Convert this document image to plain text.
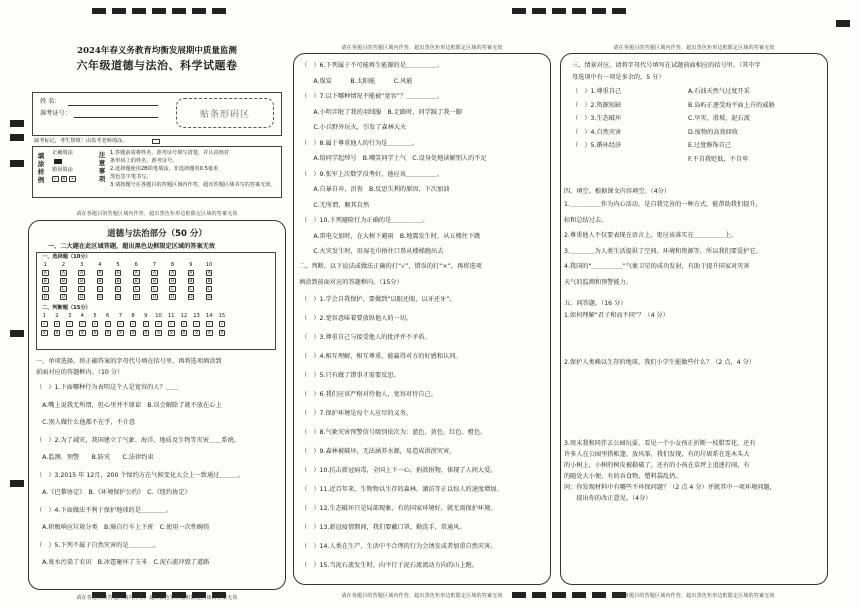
2024年春义务教育均衡发展期中质量监测
六年级道德与法治、科学试题卷
姓 名：
准考证号：	贴条形码区
缺考标记，考生禁填！由监考老师填涂。
填涂样例
正确填涂
错误填涂
✓	✕	•
注意事项
1.答题前请将姓名、准考证号填写清楚，并认真核对
条形码上的姓名、准考证号。
2.选择题使用2B铅笔填涂，非选择题用0.5毫米
黑色签字笔书写。
3.请按题号在各题目的答题区域内作答，超出答题区域书写的答案无效。
请在各题目的答题区域内作答，超出黑色矩形边框限定区域的答案无效
道德与法治部分（50 分）
一、二大题在此区域答题，超出黑色边框限定区域的答案无效
一、选择题（10分）
1	2	3	4	5	6	7	8	9	10
A	A	A	A	A	A	A	A	A	A
B	B	B	B	B	B	B	B	B	B
C	C	C	C	C	C	C	C	C	C
D	D	D	D	D	D	D	D	D	D
二、判断题（15分）
1	2	3	4	5	6	7	8	9	10 11 12 13 14 15
✓	✓	✓	✓	✓	✓	✓	✓	✓	✓	✓	✓	✓	✓	✓
✕	✕	✕	✕	✕	✕	✕	✕	✕	✕	✕	✕	✕	✕	✕
一、单项选择。将正确答案的字母代号填在括号里，再将选项填涂到
前面对应的答题框内。（10 分）
（　）1.下面哪种行为表明这个人是宽容的人？＿＿
　A.嘴上说我无所谓，但心里并不原谅　B.误会解除了就不放在心上
　C.别人做什么他都不在乎，不介意
（　）2.为了减灾，我国建立了气象、海洋、地质及生物等灾害＿＿系统。
　A.监测、预警　　B.防灾　　C.法律约束
（　）3.2015 年 12月，200 个缔约方在气候变化大会上一致通过＿＿＿。
　A.《巴黎协定》　B.《环境保护公约》　C.《纽约协定》
（　）4.下面做法不利于保护地球的是＿＿＿＿。
　A.积极响应垃圾分类　B.骑自行车上下班　C.使用一次性碗筷
（　）5.下列不属于自然灾害的是＿＿＿＿。
　A.废水污染了农田　B.冰雹砸坏了玉米　C.泥石流冲毁了道路
请在各题目的答题区域内作答，超出黑色矩形边框限定区域的答案无效
请在各题目的答题区域内作答，超出黑色矩形边框限定区域的答案无效
（　）6.下列属于不可能再生能源的是＿＿＿＿＿。
　　A.煤炭　　　B.太阳能　　　C.风能
（　）7.以下哪种情况不能被“宽容”？＿＿＿＿＿。
　　A.小明弄脏了我的羽绒服　B.走路时，同学踩了我一脚
　　C.小兵野外玩火，引发了森林大火
（　）8.属于尊重他人的行为是＿＿＿＿。
　　A.给同学起绰号　B.嘲笑同学土气　C.设身处地读解别人的不足
（　）9.张军上次数学没考好，他应该＿＿＿＿＿。
　　A.自暴自弃，沮丧　B.反思失利的原因，下次加油
　　C.无所谓，顺其自然
（　）10.下列避险行为正确的是＿＿＿＿＿。
　　A.雷电交加时，在大树下避雨　B.地震发生时，从五楼往下跳
　　C.火灾发生时，用湿毛巾捂住口鼻从楼梯跑出去
二、判断。以下说法或做法正确的打“√”，错误的打“×”，再将选项
填涂到前面对应的答题框内。（15分）
（　）1.学会自我保护，要做到“以眼还眼，以牙还牙”。
（　）2.宽容意味着要放纵他人的一切。
（　）3.尊重自己与接受他人的批评并不矛盾。
（　）4.相互理解，相互尊重，能赢得对方的好感和认同。
（　）5.只有做了错事才需要反思。
（　）6.我们应该严格对待他人，宽容对待自己。
（　）7.保护环境是每个人应尽的义务。
（　）8.气象灾害预警信号级别依次为：蓝色、黄色、红色、橙色。
（　）9.森林被破坏，无法涵养水源，易造成洪涝灾害。
（　）10.抗击新冠病毒，全国上下一心，捐款捐物，体现了人间大爱。
（　）11.近百年来，生物物以生存的森林，湖泊等正以惊人的速度增加。
（　）12.生态破坏只是局部现象，有的国家环境好，就无需保护环境。
（　）13.新冠疫情期间，我们要戴口罩，勤洗手，常通风。
（　）14.人类在生产、生活中不合理的行为会诱发或者加重自然灾害。
（　）15.当泥石流发生时，向平行于泥石流流动方向的山上跑。
请在各题目的答题区域内作答，超出黑色矩形边框限定区域的答案无效
请在各题目的答题区域内作答，超出黑色矩形边框限定区域的答案无效
三、情景对应。请将字母代号填写在试题前面相应的括号里。（其中字
母选项中有一项是多余的，5 分）
（　）1.尊重自己
（　）2.资源短缺
（　）3.生态破坏
（　）4.自然灾害
（　）5.循环经济
A.石油天然气过度开采
B.岛屿正逐受海平面上升的威胁
C.旱灾、滑坡、泥石流
D.废物的高效回收
E.过度修饰自己
F.不自我贬低，不自卑
四、填空。根据课文内容填空。（4分）
1.＿＿＿＿＿作为内心活动，是自我完善的一种方式，能帮助我们提升，
标和总结过去。
2.尊重他人不仅要表现在语言上，更应该落实在＿＿＿＿＿上。
3.＿＿＿＿为人类生活提供了空间、环境和资源等，所以我们要爱护它。
4.我国的“＿＿＿＿＿”气象卫星的成功发射，有助于提升国家对灾害
天气的监测和预警能力。
五、问答题。（16 分）
1.如何理解“君子和而不同”？（4 分）
2.保护人类赖以生存的地球，我们小学生能做些什么？（2 点，4 分）
3.周末我和同伴去公园玩耍，看见一个小女孩正折断一枝腊雪花，还有
许多人在公园里搭帐篷，放风筝，我们发现，有的垃圾系在连木头大
的小树上，小树的树皮被勒破了，还有的小孩在草坪上追逐打闹，有
的随处大小便，有的吞食物，塑料袋乱扔。
问：你发现材料中有哪些不环保问题？（2 点 4 分）并就其中一项环境问题，
　　提出你的改正意见。（4分）
请在各题目的答题区域内作答，超出黑色矩形边框限定区域的答案无效
